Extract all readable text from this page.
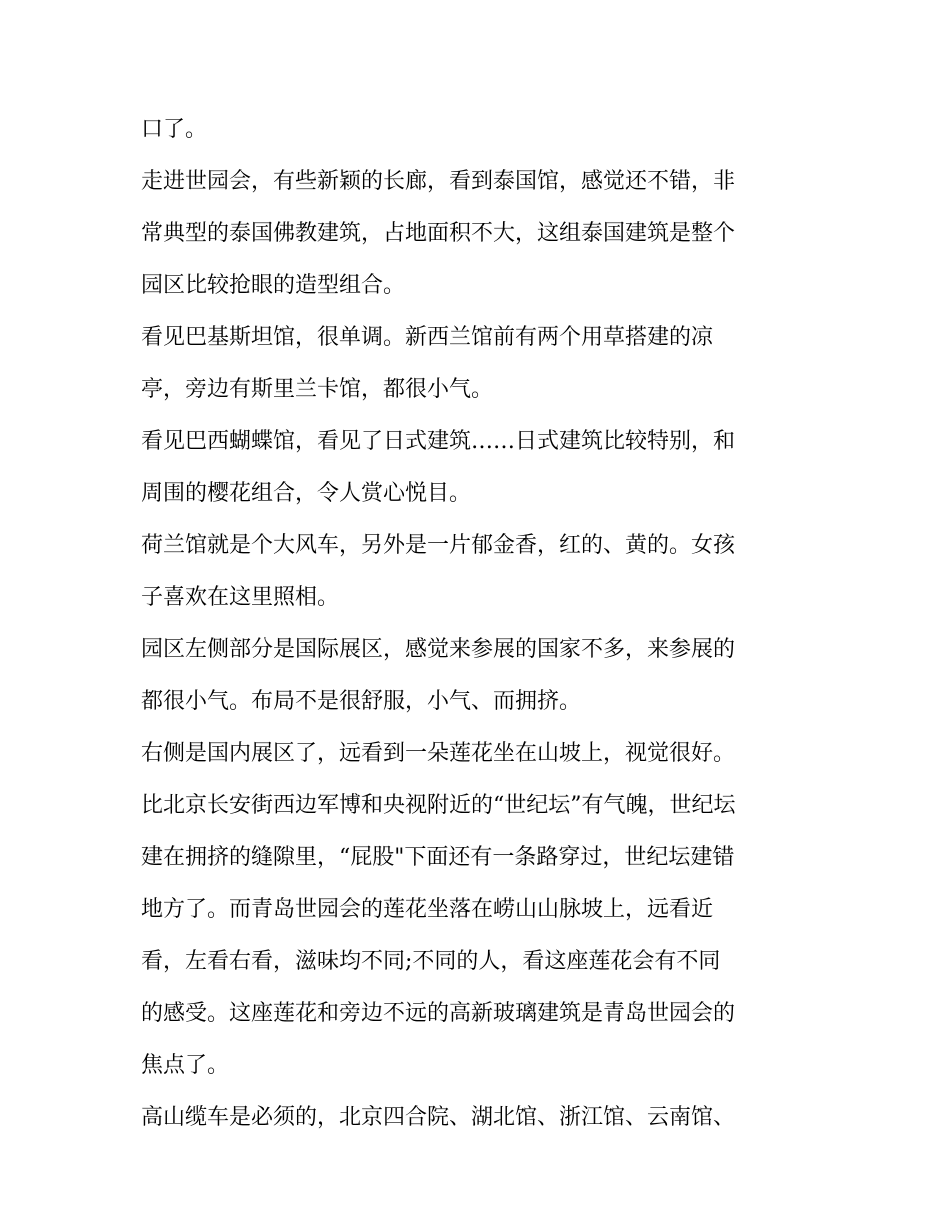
口了。

走进世园会，有些新颖的长廊，看到泰国馆，感觉还不错，非
常典型的泰国佛教建筑，占地面积不大，这组泰国建筑是整个
园区比较抢眼的造型组合。

看见巴基斯坦馆，很单调。新西兰馆前有两个用草搭建的凉
亭，旁边有斯里兰卡馆，都很小气。

看见巴西蝴蝶馆，看见了日式建筑……日式建筑比较特别，和
周围的樱花组合，令人赏心悦目。

荷兰馆就是个大风车，另外是一片郁金香，红的、黄的。女孩
子喜欢在这里照相。

园区左侧部分是国际展区，感觉来参展的国家不多，来参展的
都很小气。布局不是很舒服，小气、而拥挤。

右侧是国内展区了，远看到一朵莲花坐在山坡上，视觉很好。
比北京长安街西边军博和央视附近的“世纪坛”有气魄，世纪坛
建在拥挤的缝隙里，“屁股"下面还有一条路穿过，世纪坛建错
地方了。而青岛世园会的莲花坐落在崂山山脉坡上，远看近
看，左看右看，滋味均不同;不同的人，看这座莲花会有不同
的感受。这座莲花和旁边不远的高新玻璃建筑是青岛世园会的
焦点了。

高山缆车是必须的，北京四合院、湖北馆、浙江馆、云南馆、
